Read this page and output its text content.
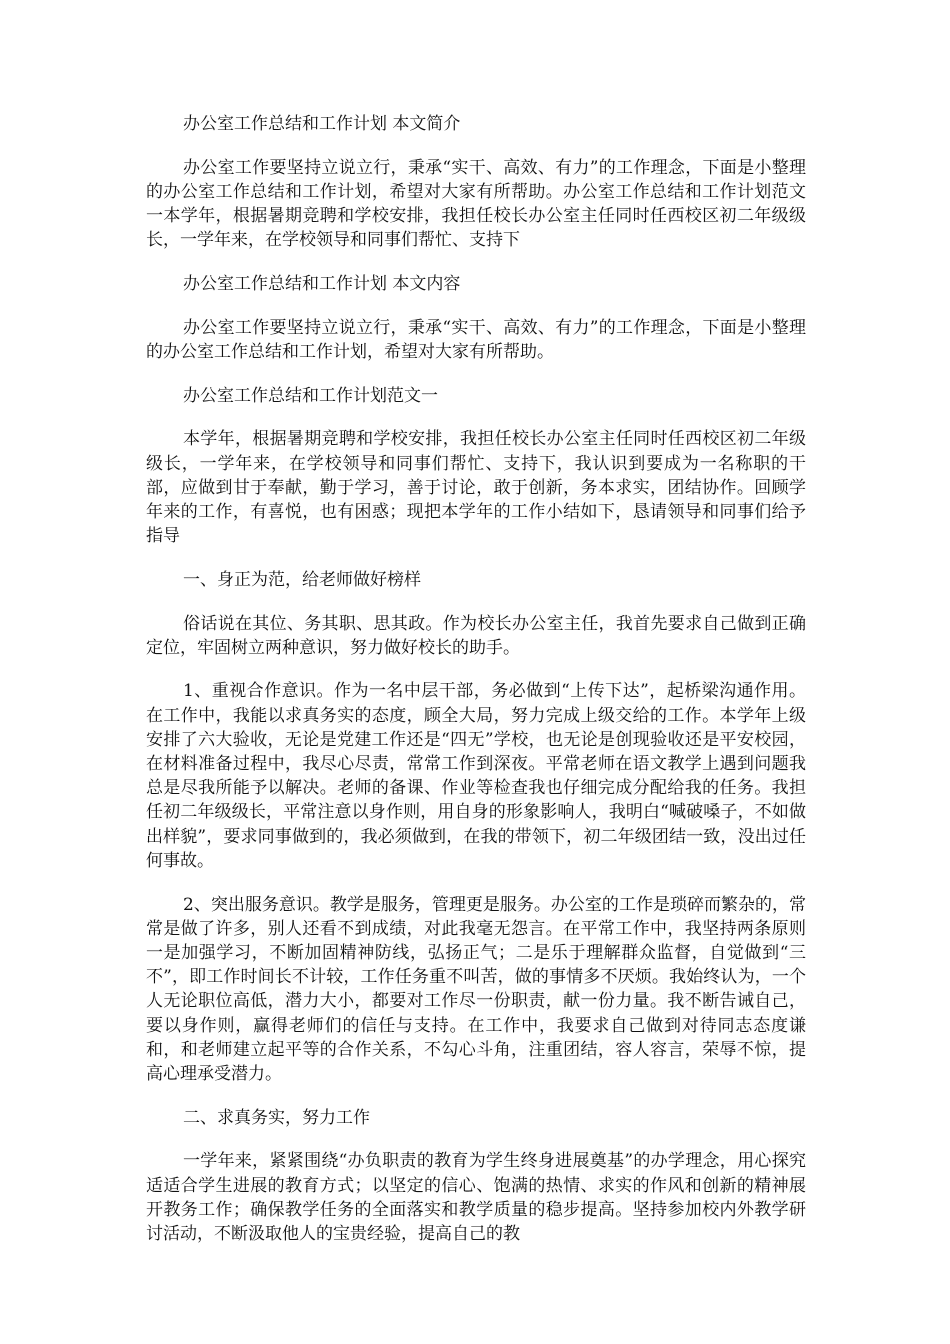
办公室工作总结和工作计划 本文简介

办公室工作要坚持立说立行，秉承“实干、高效、有力”的工作理念，下面是小整理的办公室工作总结和工作计划，希望对大家有所帮助。办公室工作总结和工作计划范文一本学年，根据暑期竞聘和学校安排，我担任校长办公室主任同时任西校区初二年级级长，一学年来，在学校领导和同事们帮忙、支持下

办公室工作总结和工作计划 本文内容

办公室工作要坚持立说立行，秉承“实干、高效、有力”的工作理念，下面是小整理的办公室工作总结和工作计划，希望对大家有所帮助。

办公室工作总结和工作计划范文一

本学年，根据暑期竞聘和学校安排，我担任校长办公室主任同时任西校区初二年级级长，一学年来，在学校领导和同事们帮忙、支持下，我认识到要成为一名称职的干部，应做到甘于奉献，勤于学习，善于讨论，敢于创新，务本求实，团结协作。回顾学年来的工作，有喜悦，也有困惑；现把本学年的工作小结如下，恳请领导和同事们给予指导

一、身正为范，给老师做好榜样

俗话说在其位、务其职、思其政。作为校长办公室主任，我首先要求自己做到正确定位，牢固树立两种意识，努力做好校长的助手。

1、重视合作意识。作为一名中层干部，务必做到“上传下达”，起桥梁沟通作用。在工作中，我能以求真务实的态度，顾全大局，努力完成上级交给的工作。本学年上级安排了六大验收，无论是党建工作还是“四无”学校，也无论是创现验收还是平安校园，在材料准备过程中，我尽心尽责，常常工作到深夜。平常老师在语文教学上遇到问题我总是尽我所能予以解决。老师的备课、作业等检查我也仔细完成分配给我的任务。我担任初二年级级长，平常注意以身作则，用自身的形象影响人，我明白“喊破嗓子，不如做出样貌”，要求同事做到的，我必须做到，在我的带领下，初二年级团结一致，没出过任何事故。

2、突出服务意识。教学是服务，管理更是服务。办公室的工作是琐碎而繁杂的，常常是做了许多，别人还看不到成绩，对此我毫无怨言。在平常工作中，我坚持两条原则一是加强学习，不断加固精神防线，弘扬正气；二是乐于理解群众监督，自觉做到“三不”，即工作时间长不计较，工作任务重不叫苦，做的事情多不厌烦。我始终认为，一个人无论职位高低，潜力大小，都要对工作尽一份职责，献一份力量。我不断告诫自己，要以身作则，赢得老师们的信任与支持。在工作中，我要求自己做到对待同志态度谦和，和老师建立起平等的合作关系，不勾心斗角，注重团结，容人容言，荣辱不惊，提高心理承受潜力。

二、求真务实，努力工作

一学年来，紧紧围绕“办负职责的教育为学生终身进展奠基”的办学理念，用心探究适适合学生进展的教育方式；以坚定的信心、饱满的热情、求实的作风和创新的精神展开教务工作；确保教学任务的全面落实和教学质量的稳步提高。坚持参加校内外教学研讨活动，不断汲取他人的宝贵经验，提高自己的教
